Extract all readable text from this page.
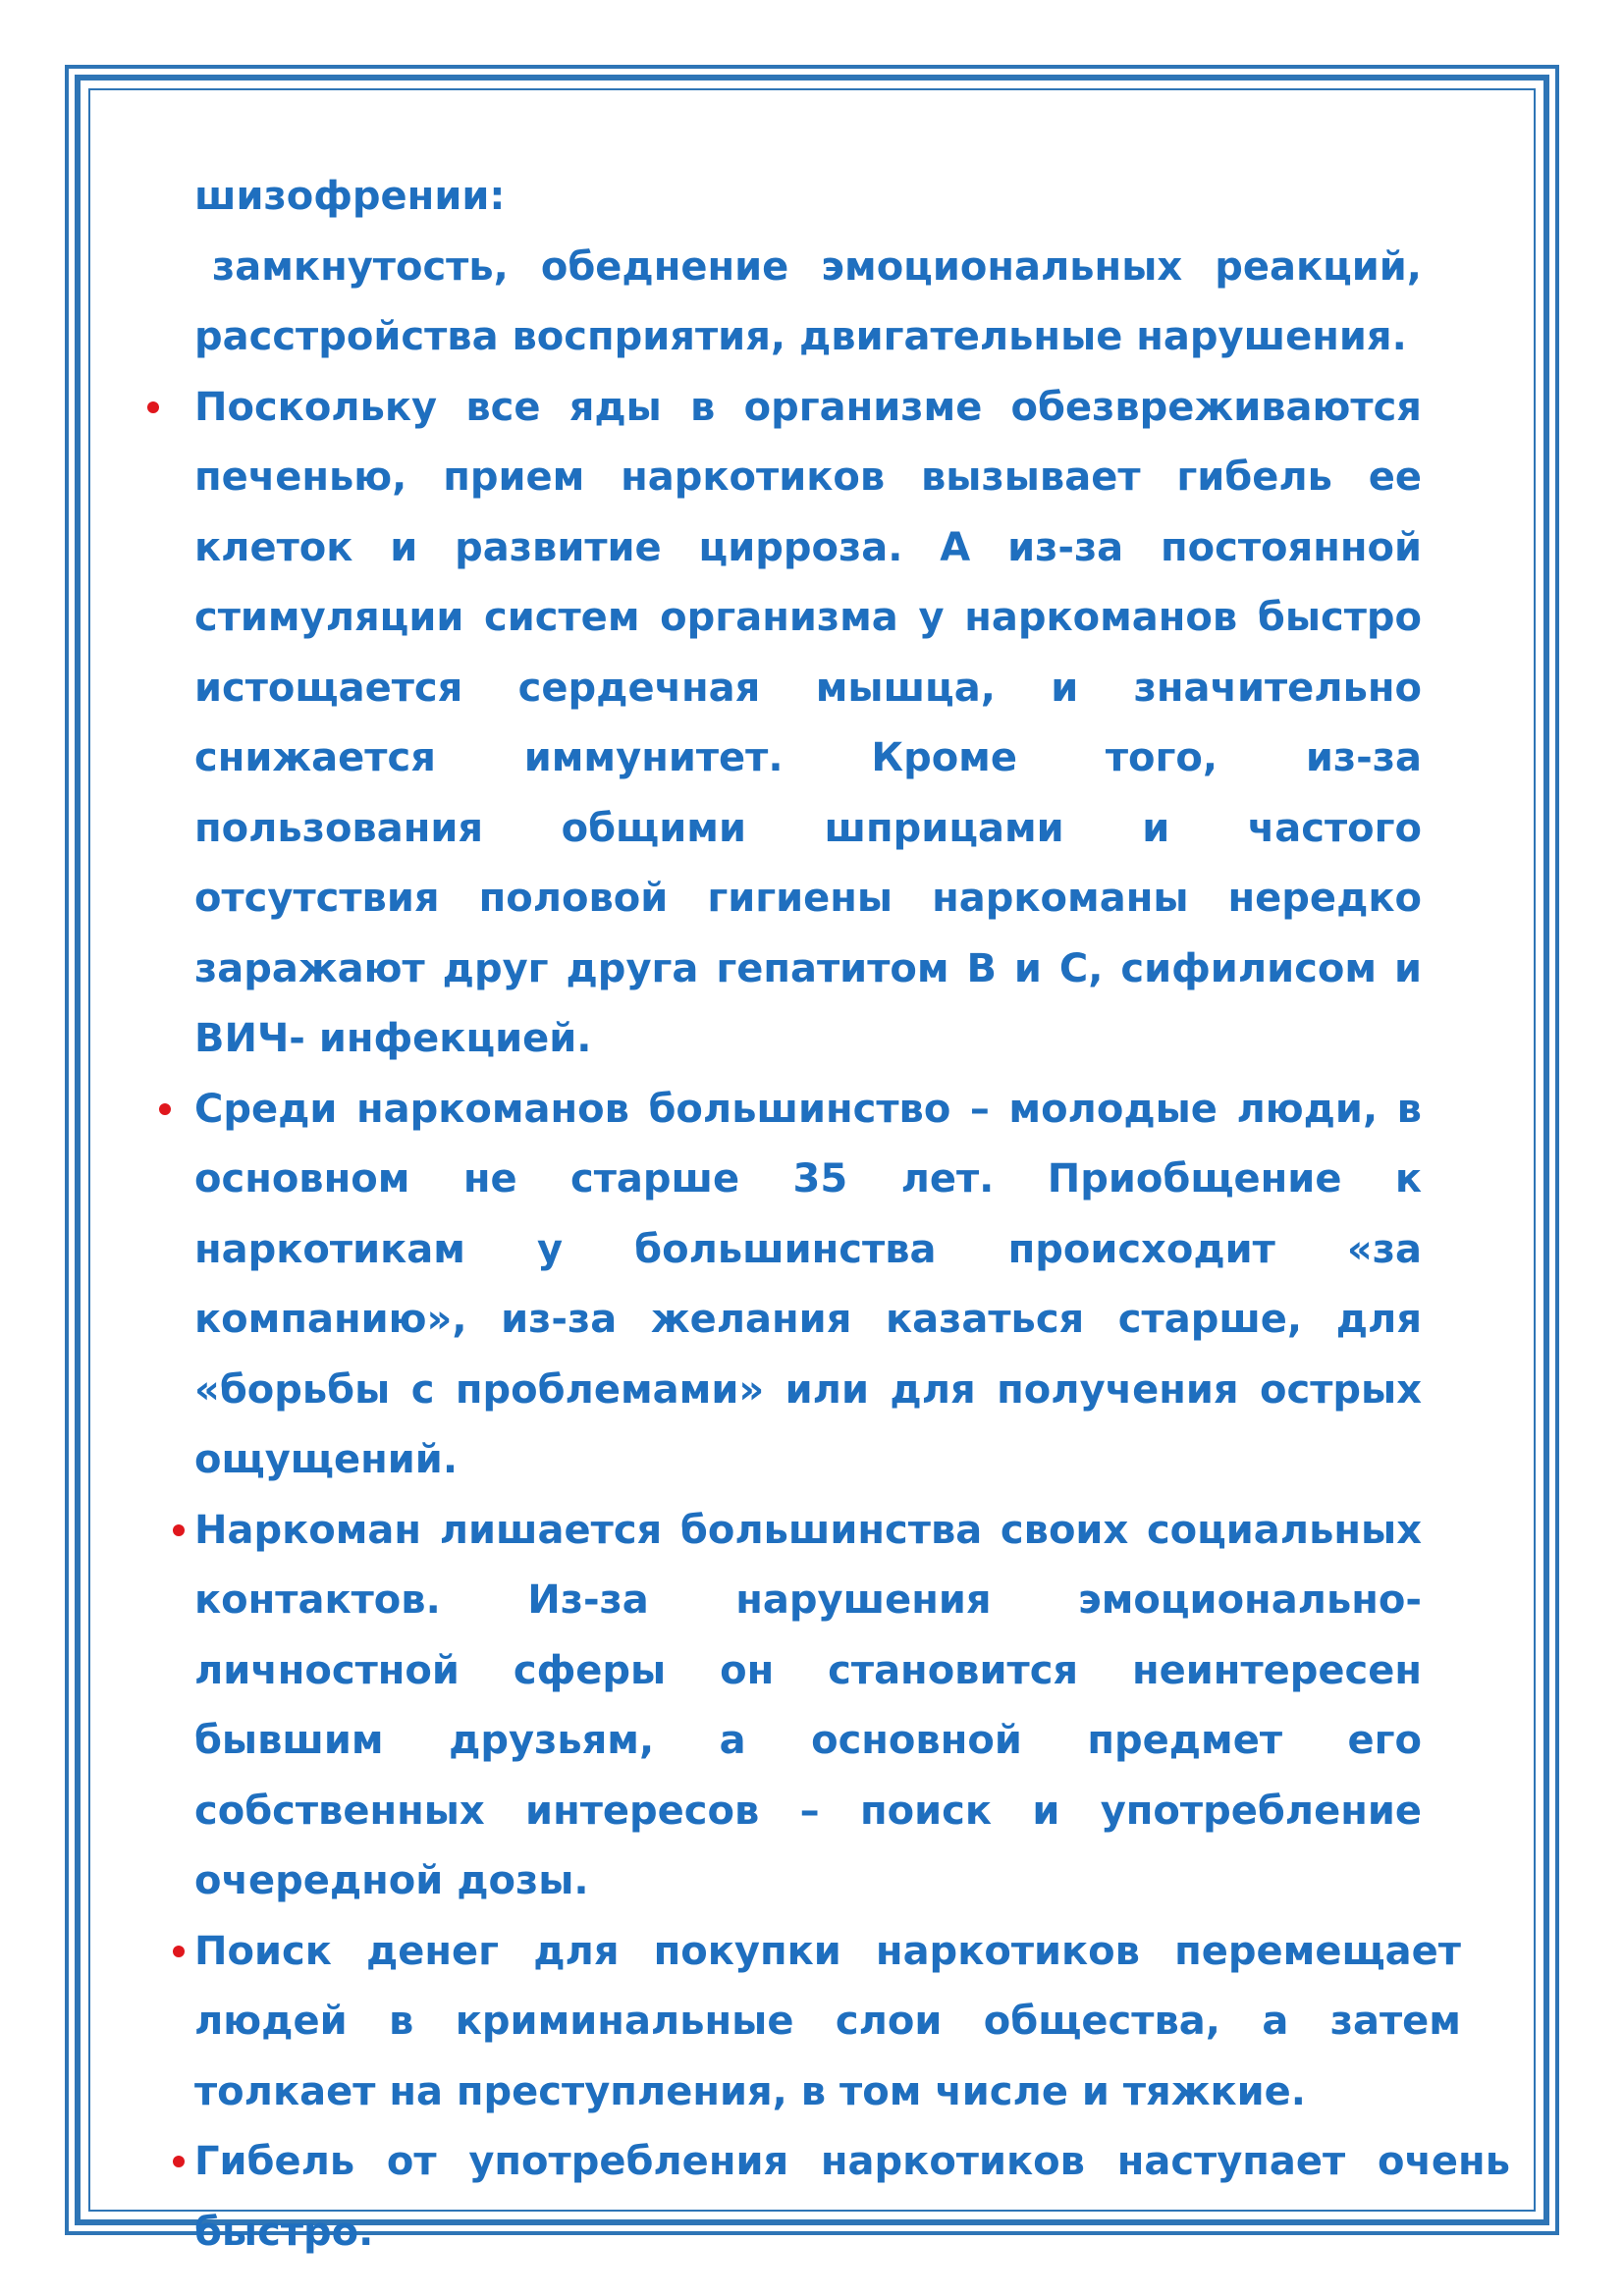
шизофрении:

замкнутость, обеднение эмоциональных реакций, расстройства восприятия, двигательные нарушения.

Поскольку все яды в организме обезвреживаются печенью, прием наркотиков вызывает гибель ее клеток и развитие цирроза. А из-за постоянной стимуляции систем организма у наркоманов быстро истощается сердечная мышца, и значительно снижается иммунитет. Кроме того, из-за пользования общими шприцами и частого отсутствия половой гигиены наркоманы нередко заражают друг друга гепатитом В и С, сифилисом и ВИЧ- инфекцией.
Среди наркоманов большинство – молодые люди, в основном не старше 35 лет. Приобщение к наркотикам у большинства происходит «за компанию», из-за желания казаться старше, для «борьбы с проблемами» или для получения острых ощущений.
Наркоман лишается большинства своих социальных контактов. Из-за нарушения эмоционально-личностной сферы он становится неинтересен бывшим друзьям, а основной предмет его собственных интересов – поиск и употребление очередной дозы.
Поиск денег для покупки наркотиков перемещает людей в криминальные слои общества, а затем толкает на преступления, в том числе и тяжкие.
Гибель от употребления наркотиков наступает очень быстро.
